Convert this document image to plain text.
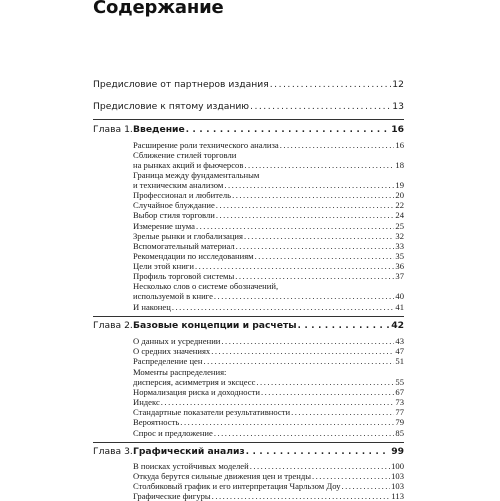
Содержание
Предисловие от партнеров издания .....	12
Предисловие к пятому изданию .....	13
Глава 1. Введение .....	16
Расширение роли технического анализа .....	16
Сближение стилей торговли
на рынках акций и фьючерсов .....	18
Граница между фундаментальным
и техническим анализом .....	19
Профессионал и любитель .....	20
Случайное блуждание .....	22
Выбор стиля торговли .....	24
Измерение шума .....	25
Зрелые рынки и глобализация .....	32
Вспомогательный материал .....	33
Рекомендации по исследованиям .....	35
Цели этой книги .....	36
Профиль торговой системы .....	37
Несколько слов о системе обозначений,
используемой в книге .....	40
И наконец .....	41
Глава 2. Базовые концепции и расчеты .....	42
О данных и усреднении .....	43
О средних значениях .....	47
Распределение цен .....	51
Моменты распределения:
дисперсия, асимметрия и эксцесс .....	55
Нормализация риска и доходности .....	67
Индекс .....	73
Стандартные показатели результативности .....	77
Вероятность .....	79
Спрос и предложение .....	85
Глава 3. Графический анализ .....	99
В поисках устойчивых моделей .....	100
Откуда берутся сильные движения цен и тренды .....	103
Столбиковый график и его интерпретация Чарльзом Доу .....	103
Графические фигуры .....	113
